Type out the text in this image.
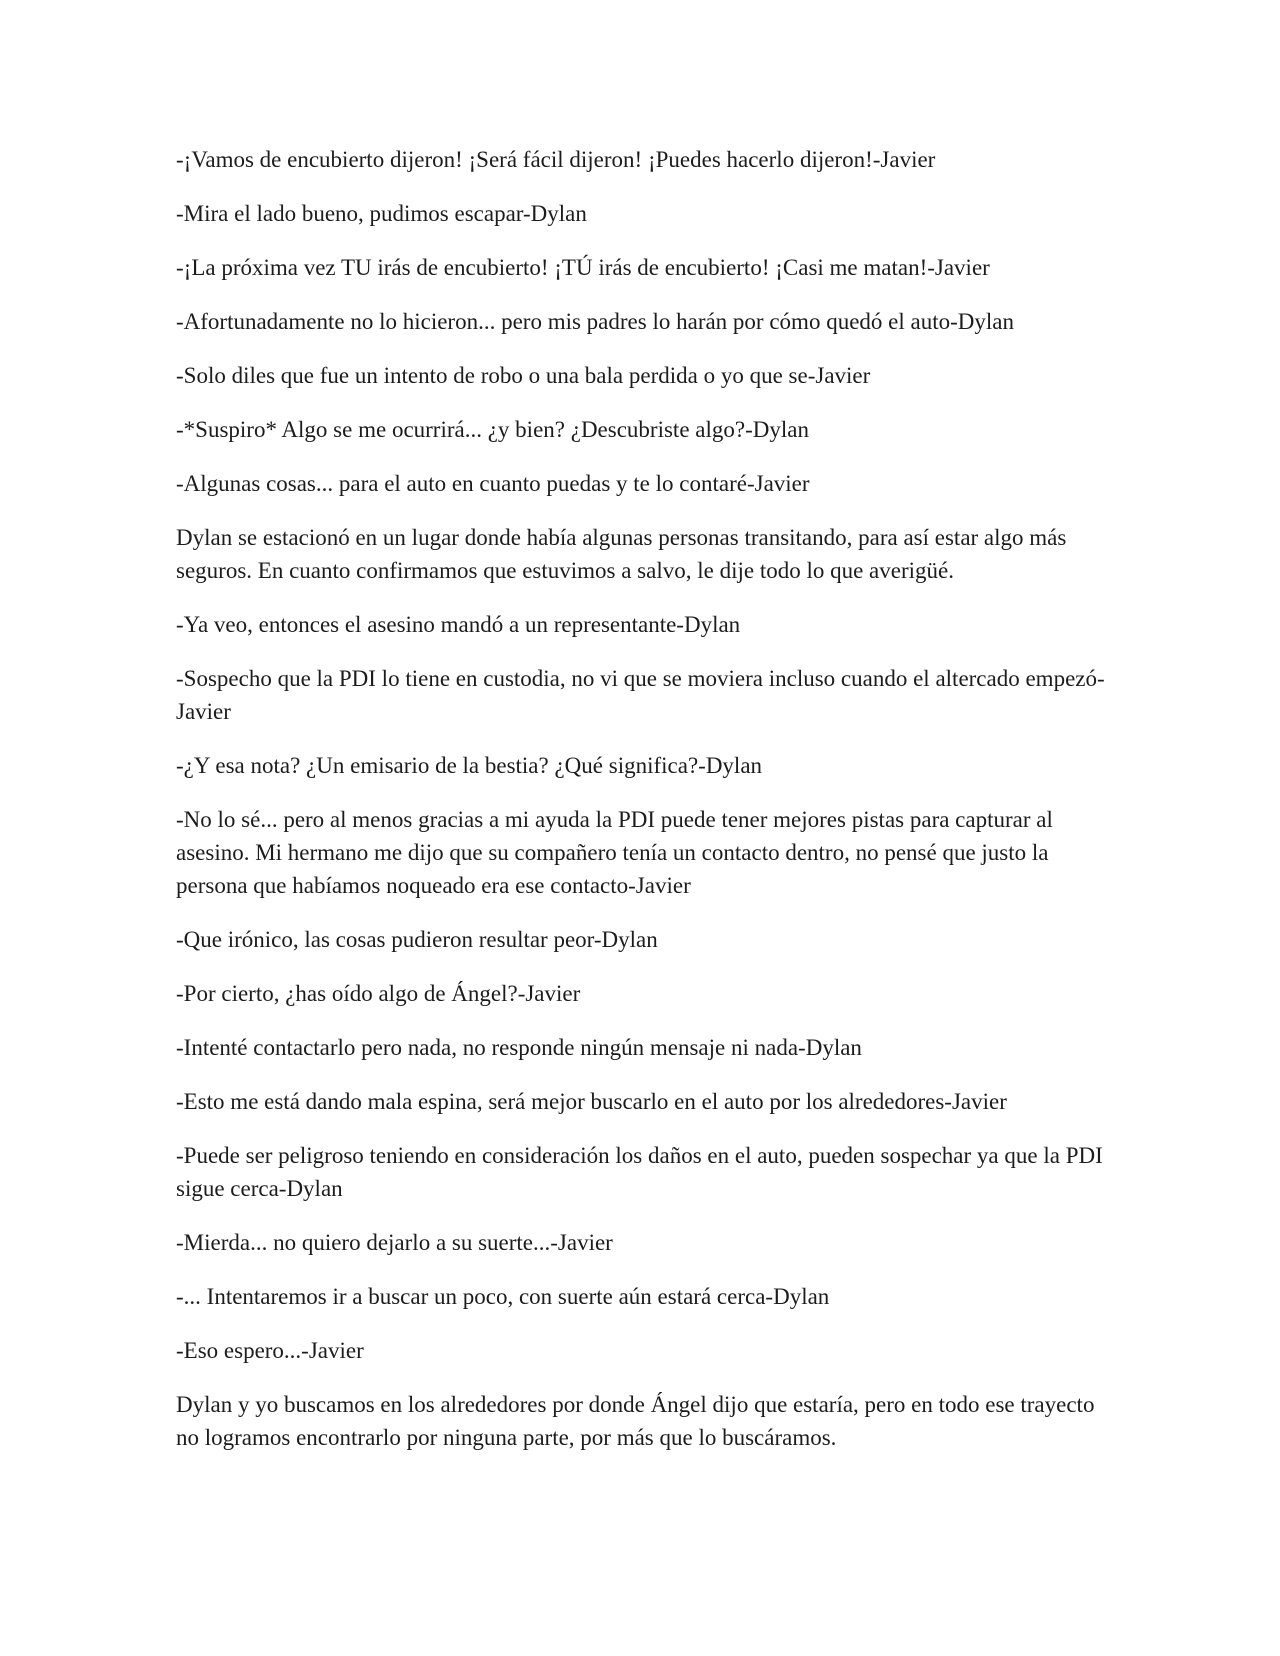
-¡Vamos de encubierto dijeron! ¡Será fácil dijeron! ¡Puedes hacerlo dijeron!-Javier

-Mira el lado bueno, pudimos escapar-Dylan

-¡La próxima vez TU irás de encubierto! ¡TÚ irás de encubierto! ¡Casi me matan!-Javier

-Afortunadamente no lo hicieron... pero mis padres lo harán por cómo quedó el auto-Dylan

-Solo diles que fue un intento de robo o una bala perdida o yo que se-Javier

-*Suspiro* Algo se me ocurrirá... ¿y bien? ¿Descubriste algo?-Dylan

-Algunas cosas... para el auto en cuanto puedas y te lo contaré-Javier

Dylan se estacionó en un lugar donde había algunas personas transitando, para así estar algo más seguros. En cuanto confirmamos que estuvimos a salvo, le dije todo lo que averigüé.

-Ya veo, entonces el asesino mandó a un representante-Dylan

-Sospecho que la PDI lo tiene en custodia, no vi que se moviera incluso cuando el altercado empezó-Javier

-¿Y esa nota? ¿Un emisario de la bestia? ¿Qué significa?-Dylan

-No lo sé... pero al menos gracias a mi ayuda la PDI puede tener mejores pistas para capturar al asesino. Mi hermano me dijo que su compañero tenía un contacto dentro, no pensé que justo la persona que habíamos noqueado era ese contacto-Javier

-Que irónico, las cosas pudieron resultar peor-Dylan

-Por cierto, ¿has oído algo de Ángel?-Javier

-Intenté contactarlo pero nada, no responde ningún mensaje ni nada-Dylan

-Esto me está dando mala espina, será mejor buscarlo en el auto por los alrededores-Javier

-Puede ser peligroso teniendo en consideración los daños en el auto, pueden sospechar ya que la PDI sigue cerca-Dylan

-Mierda... no quiero dejarlo a su suerte...-Javier

-... Intentaremos ir a buscar un poco, con suerte aún estará cerca-Dylan

-Eso espero...-Javier

Dylan y yo buscamos en los alrededores por donde Ángel dijo que estaría, pero en todo ese trayecto no logramos encontrarlo por ninguna parte, por más que lo buscáramos.
